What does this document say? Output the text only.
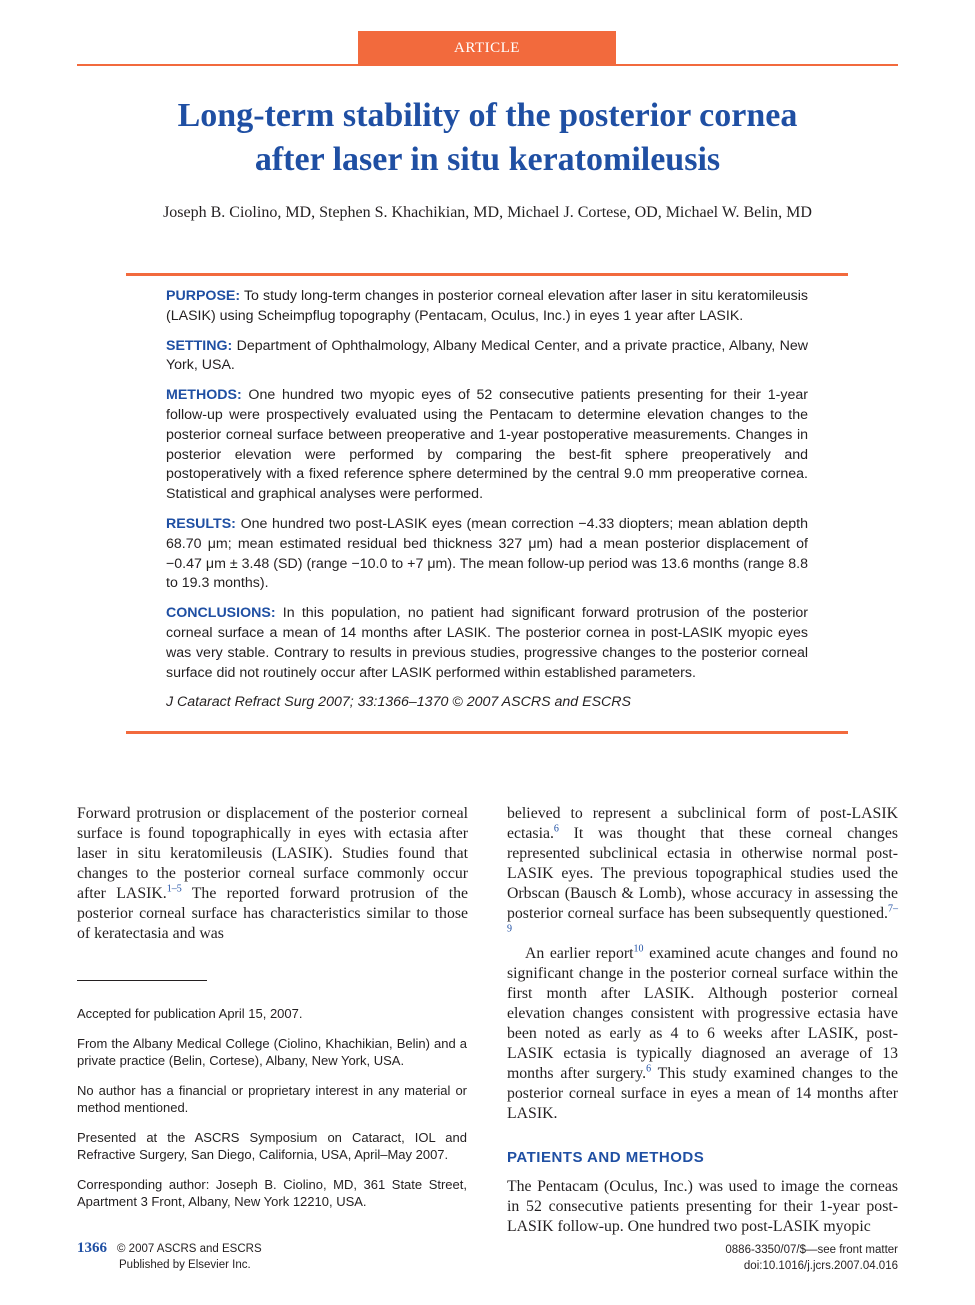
ARTICLE
Long-term stability of the posterior cornea
after laser in situ keratomileusis

Joseph B. Ciolino, MD, Stephen S. Khachikian, MD, Michael J. Cortese, OD, Michael W. Belin, MD

PURPOSE: To study long-term changes in posterior corneal elevation after laser in situ keratomileusis (LASIK) using Scheimpflug topography (Pentacam, Oculus, Inc.) in eyes 1 year after LASIK.

SETTING: Department of Ophthalmology, Albany Medical Center, and a private practice, Albany, New York, USA.

METHODS: One hundred two myopic eyes of 52 consecutive patients presenting for their 1-year follow-up were prospectively evaluated using the Pentacam to determine elevation changes to the posterior corneal surface between preoperative and 1-year postoperative measurements. Changes in posterior elevation were performed by comparing the best-fit sphere preoperatively and postoperatively with a fixed reference sphere determined by the central 9.0 mm preoperative cornea. Statistical and graphical analyses were performed.

RESULTS: One hundred two post-LASIK eyes (mean correction −4.33 diopters; mean ablation depth 68.70 μm; mean estimated residual bed thickness 327 μm) had a mean posterior displacement of −0.47 μm ± 3.48 (SD) (range −10.0 to +7 μm). The mean follow-up period was 13.6 months (range 8.8 to 19.3 months).

CONCLUSIONS: In this population, no patient had significant forward protrusion of the posterior corneal surface a mean of 14 months after LASIK. The posterior cornea in post-LASIK myopic eyes was very stable. Contrary to results in previous studies, progressive changes to the posterior corneal surface did not routinely occur after LASIK performed within established parameters.

J Cataract Refract Surg 2007; 33:1366–1370 © 2007 ASCRS and ESCRS

Forward protrusion or displacement of the posterior corneal surface is found topographically in eyes with ectasia after laser in situ keratomileusis (LASIK). Studies found that changes to the posterior corneal surface commonly occur after LASIK.$^{1-5}$ The reported forward protrusion of the posterior corneal surface has characteristics similar to those of keratectasia and was

Accepted for publication April 15, 2007.

From the Albany Medical College (Ciolino, Khachikian, Belin) and a private practice (Belin, Cortese), Albany, New York, USA.

No author has a financial or proprietary interest in any material or method mentioned.

Presented at the ASCRS Symposium on Cataract, IOL and Refractive Surgery, San Diego, California, USA, April–May 2007.

Corresponding author: Joseph B. Ciolino, MD, 361 State Street, Apartment 3 Front, Albany, New York 12210, USA.

believed to represent a subclinical form of post-LASIK ectasia.$^6$ It was thought that these corneal changes represented subclinical ectasia in otherwise normal post-LASIK eyes. The previous topographical studies used the Orbscan (Bausch & Lomb), whose accuracy in assessing the posterior corneal surface has been subsequently questioned.$^{7-9}$

An earlier report$^{10}$ examined acute changes and found no significant change in the posterior corneal surface within the first month after LASIK. Although posterior corneal elevation changes consistent with progressive ectasia have been noted as early as 4 to 6 weeks after LASIK, post-LASIK ectasia is typically diagnosed an average of 13 months after surgery.$^6$ This study examined changes to the posterior corneal surface in eyes a mean of 14 months after LASIK.

PATIENTS AND METHODS

The Pentacam (Oculus, Inc.) was used to image the corneas in 52 consecutive patients presenting for their 1-year post-LASIK follow-up. One hundred two post-LASIK myopic

1366 © 2007 ASCRS and ESCRS
Published by Elsevier Inc.
0886-3350/07/$—see front matter
doi:10.1016/j.jcrs.2007.04.016
